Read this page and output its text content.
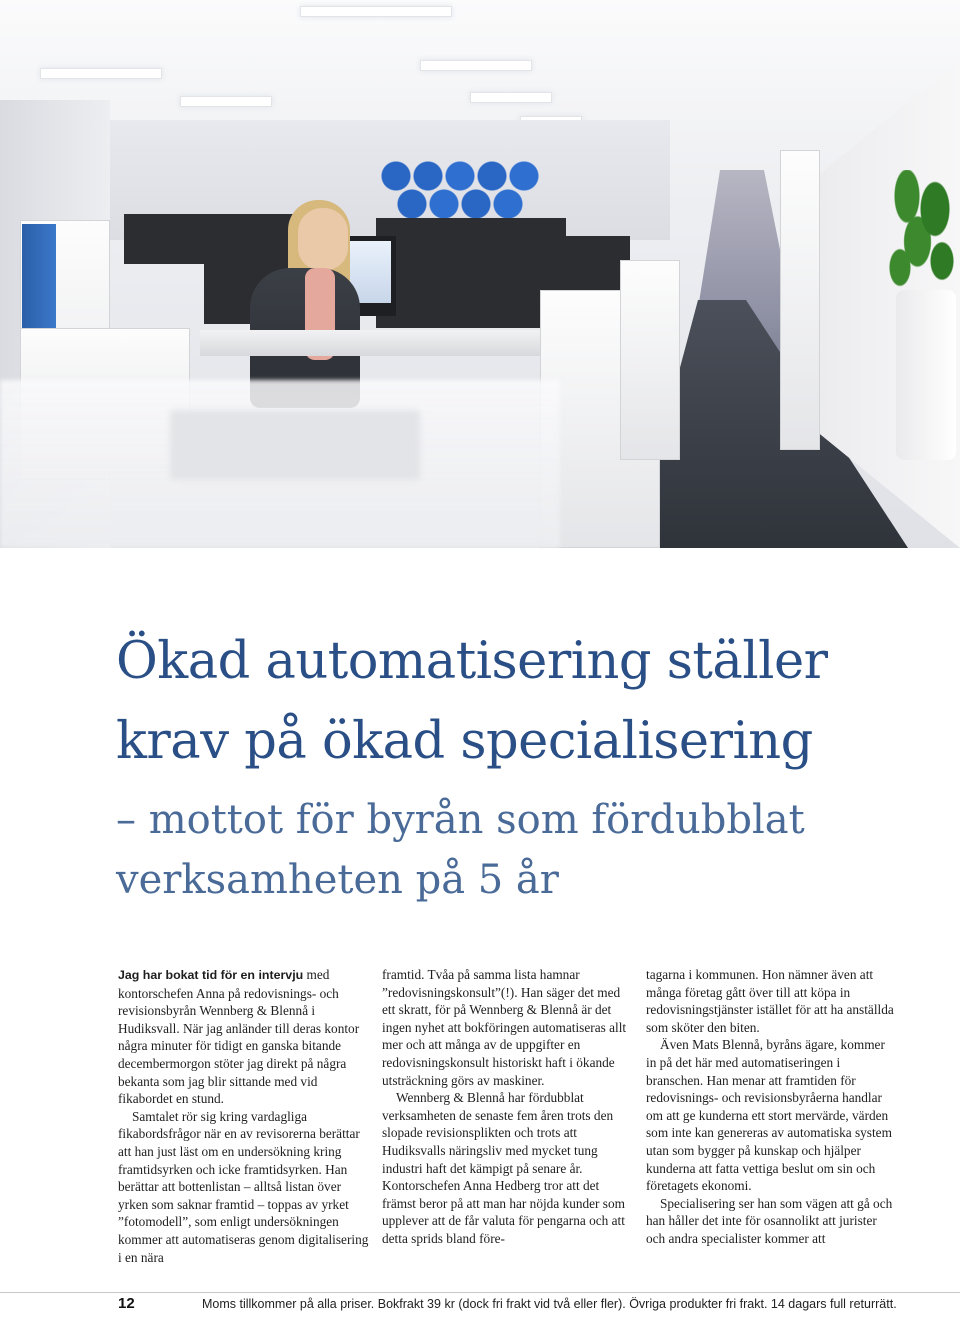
Ökad automatisering ställer
krav på ökad specialisering
– mottot för byrån som fördubblat
verksamheten på 5 år

Jag har bokat tid för en intervju med kontorschefen Anna på redovisnings- och revisionsbyrån Wennberg & Blennå i Hudiksvall. När jag anländer till deras kontor några minuter för tidigt en ganska bitande decembermorgon stöter jag direkt på några bekanta som jag blir sittande med vid fikabordet en stund.

Samtalet rör sig kring vardagliga fikabordsfrågor när en av revisorerna berättar att han just läst om en undersökning kring framtidsyrken och icke framtidsyrken. Han berättar att bottenlistan – alltså listan över yrken som saknar framtid – toppas av yrket ”fotomodell”, som enligt undersökningen kommer att automatiseras genom digitalisering i en nära

framtid. Tvåa på samma lista hamnar ”redovisningskonsult”(!). Han säger det med ett skratt, för på Wennberg & Blennå är det ingen nyhet att bokföringen automatiseras allt mer och att många av de uppgifter en redovisningskonsult historiskt haft i ökande utsträckning görs av maskiner.

Wennberg & Blennå har fördubblat verksamheten de senaste fem åren trots den slopade revisionsplikten och trots att Hudiksvalls näringsliv med mycket tung industri haft det kämpigt på senare år. Kontorschefen Anna Hedberg tror att det främst beror på att man har nöjda kunder som upplever att de får valuta för pengarna och att detta sprids bland före-

tagarna i kommunen. Hon nämner även att många företag gått över till att köpa in redovisningstjänster istället för att ha anställda som sköter den biten.

Även Mats Blennå, byråns ägare, kommer in på det här med automatiseringen i branschen. Han menar att framtiden för redovisnings- och revisionsbyråerna handlar om att ge kunderna ett stort mervärde, värden som inte kan genereras av automatiska system utan som bygger på kunskap och hjälper kunderna att fatta vettiga beslut om sin och företagets ekonomi.

Specialisering ser han som vägen att gå och han håller det inte för osannolikt att jurister och andra specialister kommer att

12	Moms tillkommer på alla priser. Bokfrakt 39 kr (dock fri frakt vid två eller fler). Övriga produkter fri frakt. 14 dagars full returrätt.
